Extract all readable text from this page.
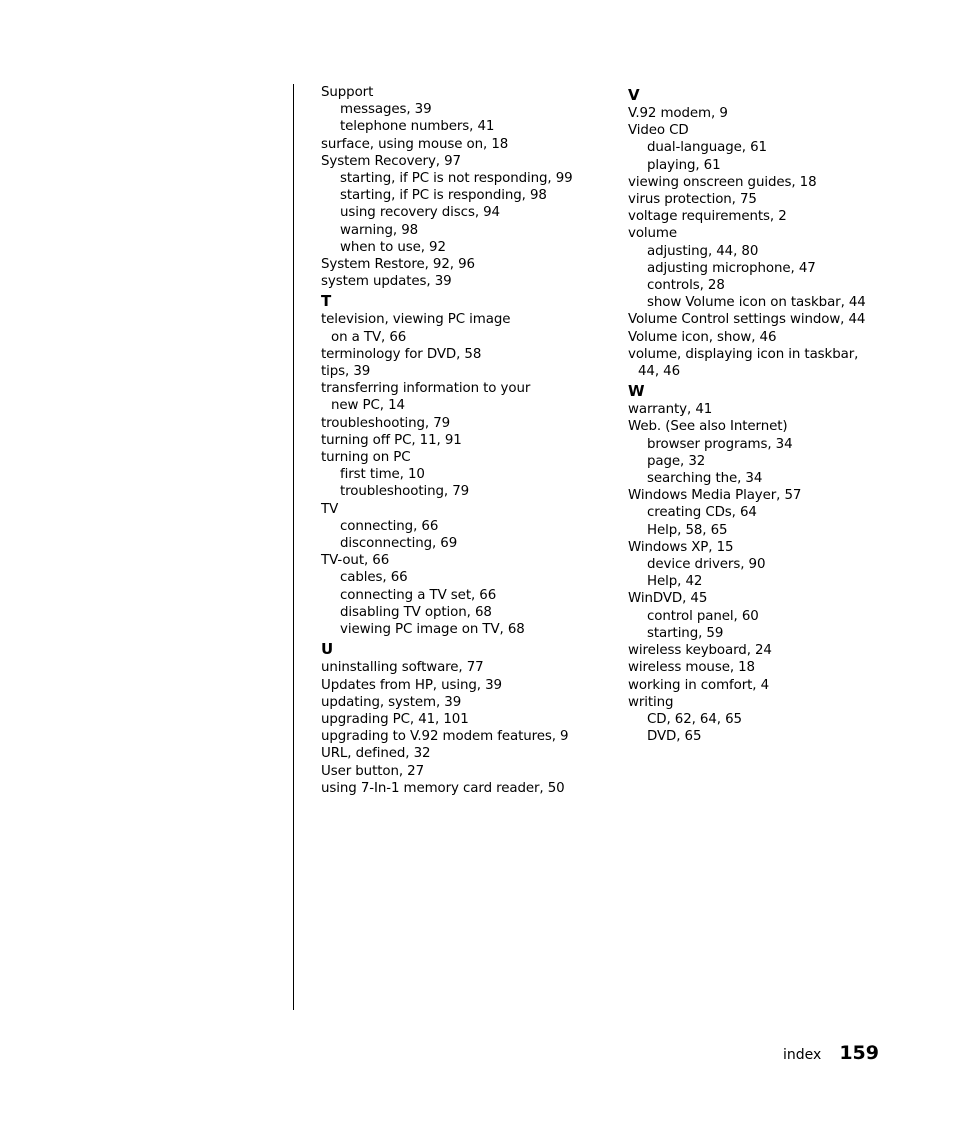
Support
messages, 39
telephone numbers, 41
surface, using mouse on, 18
System Recovery, 97
starting, if PC is not responding, 99
starting, if PC is responding, 98
using recovery discs, 94
warning, 98
when to use, 92
System Restore, 92, 96
system updates, 39
T
television, viewing PC image
on a TV, 66
terminology for DVD, 58
tips, 39
transferring information to your
new PC, 14
troubleshooting, 79
turning off PC, 11, 91
turning on PC
first time, 10
troubleshooting, 79
TV
connecting, 66
disconnecting, 69
TV-out, 66
cables, 66
connecting a TV set, 66
disabling TV option, 68
viewing PC image on TV, 68
U
uninstalling software, 77
Updates from HP, using, 39
updating, system, 39
upgrading PC, 41, 101
upgrading to V.92 modem features, 9
URL, defined, 32
User button, 27
using 7-In-1 memory card reader, 50
V
V.92 modem, 9
Video CD
dual-language, 61
playing, 61
viewing onscreen guides, 18
virus protection, 75
voltage requirements, 2
volume
adjusting, 44, 80
adjusting microphone, 47
controls, 28
show Volume icon on taskbar, 44
Volume Control settings window, 44
Volume icon, show, 46
volume, displaying icon in taskbar,
44, 46
W
warranty, 41
Web. (See also Internet)
browser programs, 34
page, 32
searching the, 34
Windows Media Player, 57
creating CDs, 64
Help, 58, 65
Windows XP, 15
device drivers, 90
Help, 42
WinDVD, 45
control panel, 60
starting, 59
wireless keyboard, 24
wireless mouse, 18
working in comfort, 4
writing
CD, 62, 64, 65
DVD, 65
index 159
